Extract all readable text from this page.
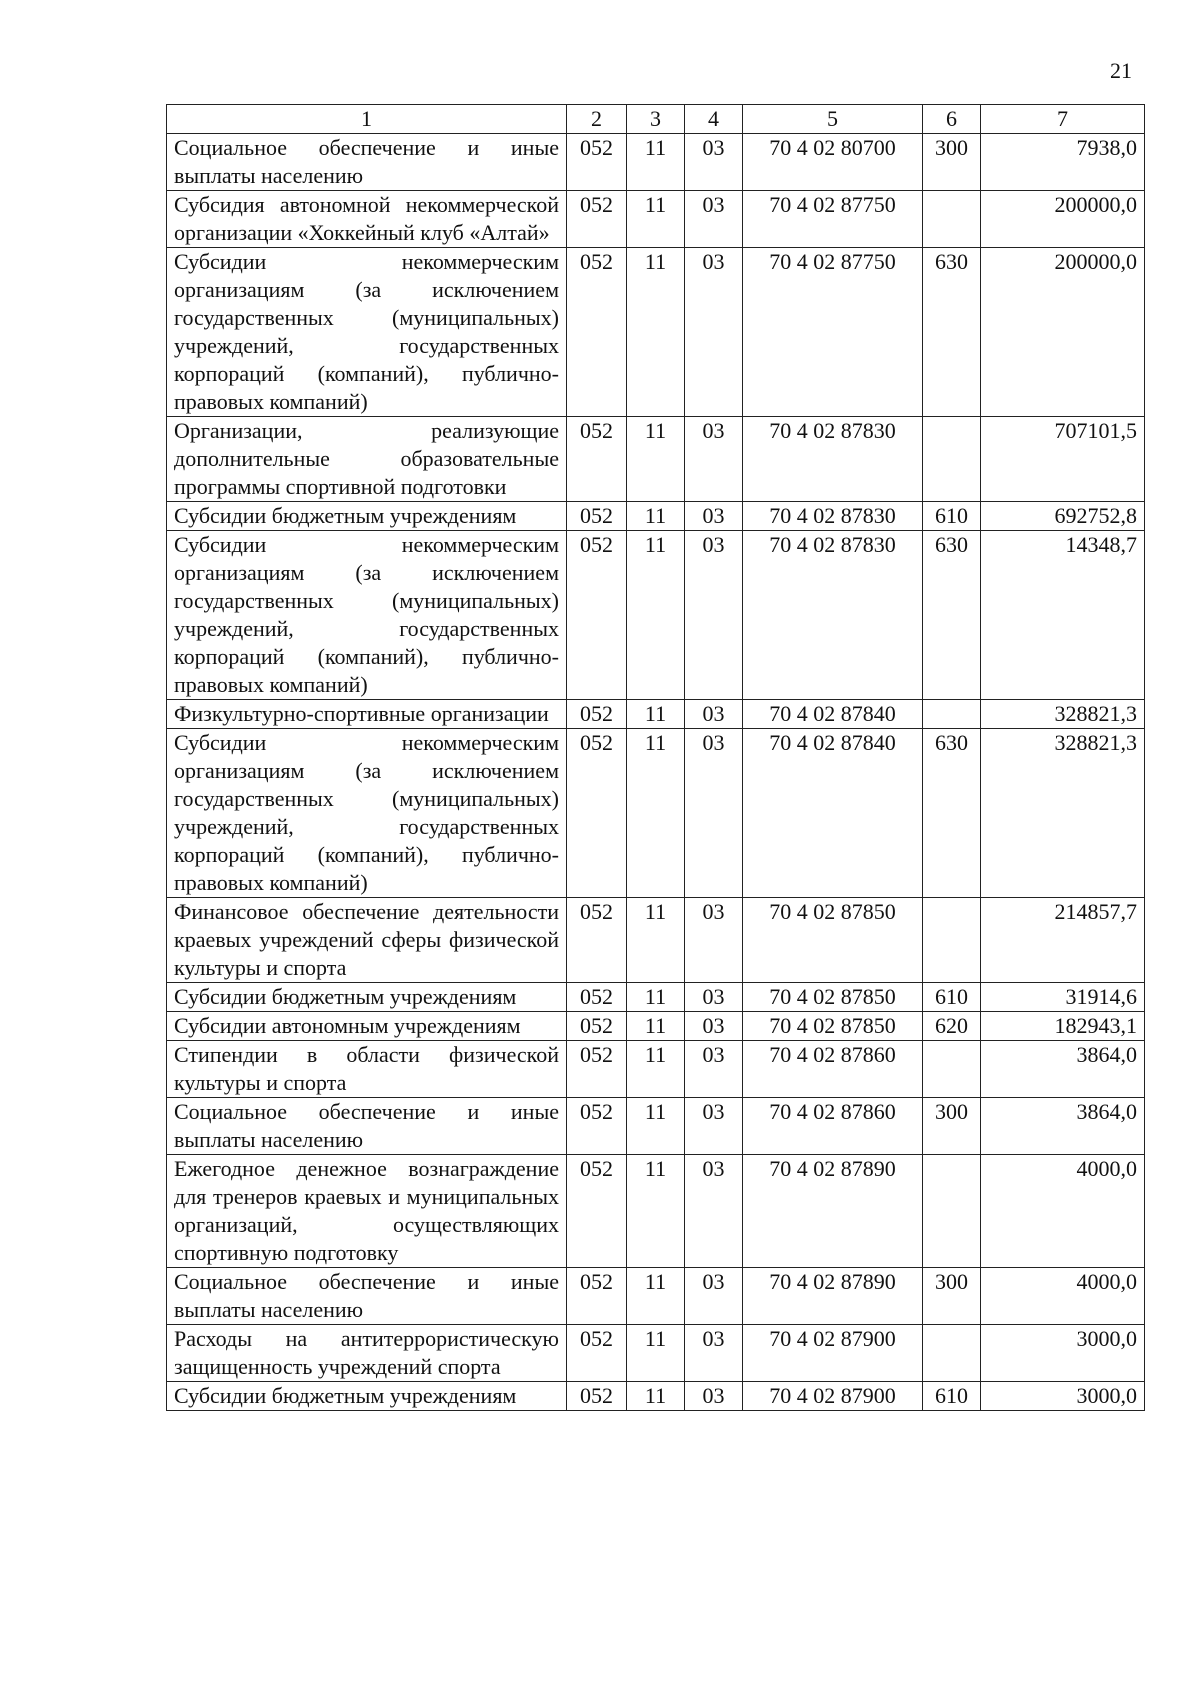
21
1	2	3	4	5	6	7
Социальное обеспечение и иные выплаты населению	052	11	03	70 4 02 80700	300	7938,0
Субсидия автономной некоммерческой организации «Хоккейный клуб «Алтай»	052	11	03	70 4 02 87750		200000,0
Субсидии некоммерческим организациям (за исключением государственных (муниципальных) учреждений, государственных корпораций (компаний), публично-правовых компаний)	052	11	03	70 4 02 87750	630	200000,0
Организации, реализующие дополнительные образовательные программы спортивной подготовки	052	11	03	70 4 02 87830		707101,5
Субсидии бюджетным учреждениям	052	11	03	70 4 02 87830	610	692752,8
Субсидии некоммерческим организациям (за исключением государственных (муниципальных) учреждений, государственных корпораций (компаний), публично-правовых компаний)	052	11	03	70 4 02 87830	630	14348,7
Физкультурно-спортивные организации	052	11	03	70 4 02 87840		328821,3
Субсидии некоммерческим организациям (за исключением государственных (муниципальных) учреждений, государственных корпораций (компаний), публично-правовых компаний)	052	11	03	70 4 02 87840	630	328821,3
Финансовое обеспечение деятельности краевых учреждений сферы физической культуры и спорта	052	11	03	70 4 02 87850		214857,7
Субсидии бюджетным учреждениям	052	11	03	70 4 02 87850	610	31914,6
Субсидии автономным учреждениям	052	11	03	70 4 02 87850	620	182943,1
Стипендии в области физической культуры и спорта	052	11	03	70 4 02 87860		3864,0
Социальное обеспечение и иные выплаты населению	052	11	03	70 4 02 87860	300	3864,0
Ежегодное денежное вознаграждение для тренеров краевых и муниципальных организаций, осуществляющих спортивную подготовку	052	11	03	70 4 02 87890		4000,0
Социальное обеспечение и иные выплаты населению	052	11	03	70 4 02 87890	300	4000,0
Расходы на антитеррористическую защищенность учреждений спорта	052	11	03	70 4 02 87900		3000,0
Субсидии бюджетным учреждениям	052	11	03	70 4 02 87900	610	3000,0
